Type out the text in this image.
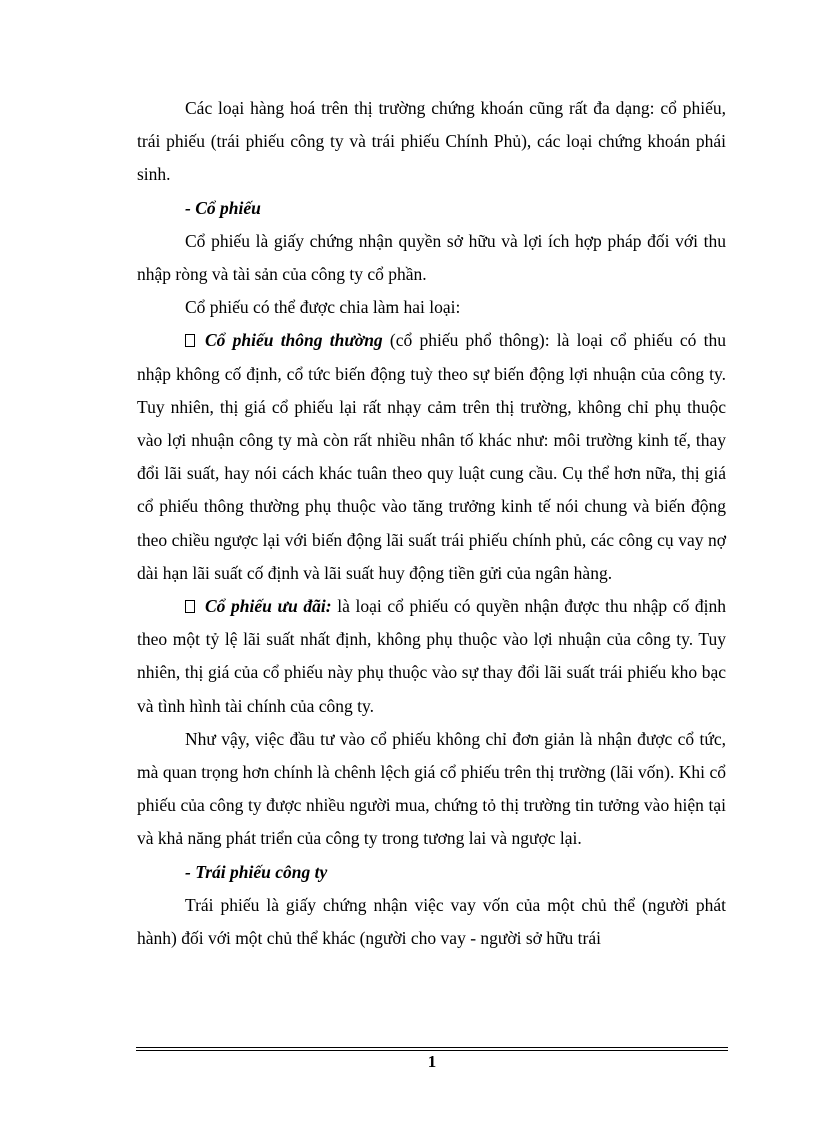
Các loại hàng hoá trên thị trường chứng khoán cũng rất đa dạng: cổ phiếu, trái phiếu (trái phiếu công ty và trái phiếu Chính Phủ), các loại chứng khoán phái sinh.

- Cổ phiếu

Cổ phiếu là giấy chứng nhận quyền sở hữu và lợi ích hợp pháp đối với thu nhập ròng và tài sản của công ty cổ phần.

Cổ phiếu có thể được chia làm hai loại:

Cổ phiếu thông thường (cổ phiếu phổ thông): là loại cổ phiếu có thu nhập không cố định, cổ tức biến động tuỳ theo sự biến động lợi nhuận của công ty. Tuy nhiên, thị giá cổ phiếu lại rất nhạy cảm trên thị trường, không chỉ phụ thuộc vào lợi nhuận công ty mà còn rất nhiều nhân tố khác như: môi trường kinh tế, thay đổi lãi suất, hay nói cách khác tuân theo quy luật cung cầu. Cụ thể hơn nữa, thị giá cổ phiếu thông thường phụ thuộc vào tăng trưởng kinh tế nói chung và biến động theo chiều ngược lại với biến động lãi suất trái phiếu chính phủ, các công cụ vay nợ dài hạn lãi suất cố định và lãi suất huy động tiền gửi của ngân hàng.

Cổ phiếu ưu đãi: là loại cổ phiếu có quyền nhận được thu nhập cố định theo một tỷ lệ lãi suất nhất định, không phụ thuộc vào lợi nhuận của công ty. Tuy nhiên, thị giá của cổ phiếu này phụ thuộc vào sự thay đổi lãi suất trái phiếu kho bạc và tình hình tài chính của công ty.

Như vậy, việc đầu tư vào cổ phiếu không chỉ đơn giản là nhận được cổ tức, mà quan trọng hơn chính là chênh lệch giá cổ phiếu trên thị trường (lãi vốn). Khi cổ phiếu của công ty được nhiều người mua, chứng tỏ thị trường tin tưởng vào hiện tại và khả năng phát triển của công ty trong tương lai và ngược lại.

- Trái phiếu công ty

Trái phiếu là giấy chứng nhận việc vay vốn của một chủ thể (người phát hành) đối với một chủ thể khác (người cho vay - người sở hữu trái

1
